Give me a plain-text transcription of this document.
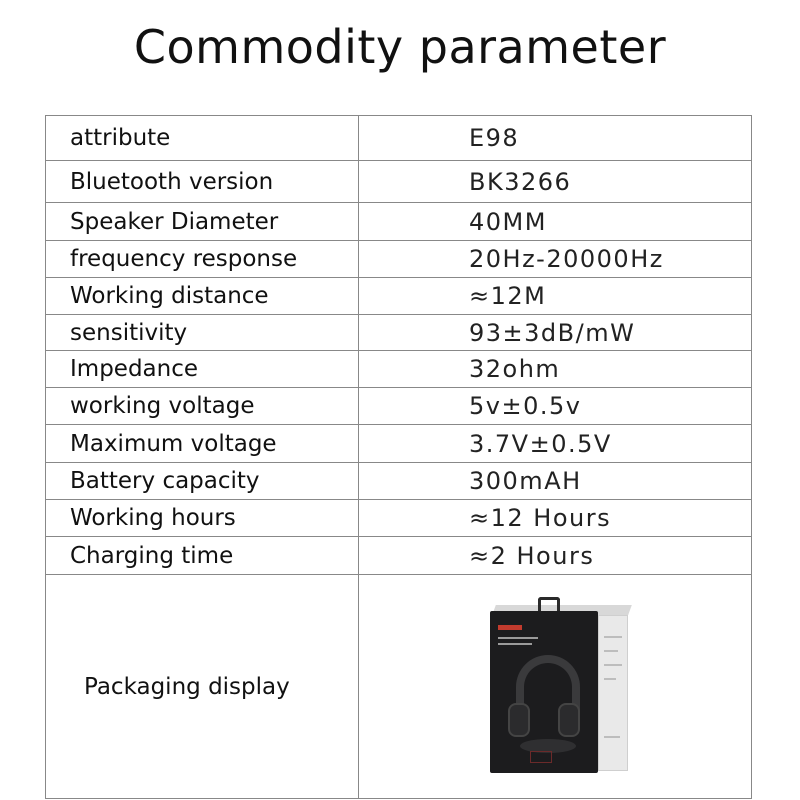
Commodity parameter
attribute	E98
Bluetooth version	BK3266
Speaker Diameter	40MM
frequency response	20Hz-20000Hz
Working distance	≈12M
sensitivity	93±3dB/mW
Impedance	32ohm
working voltage	5v±0.5v
Maximum voltage	3.7V±0.5V
Battery capacity	300mAH
Working hours	≈12 Hours
Charging time	≈2 Hours
Packaging display
